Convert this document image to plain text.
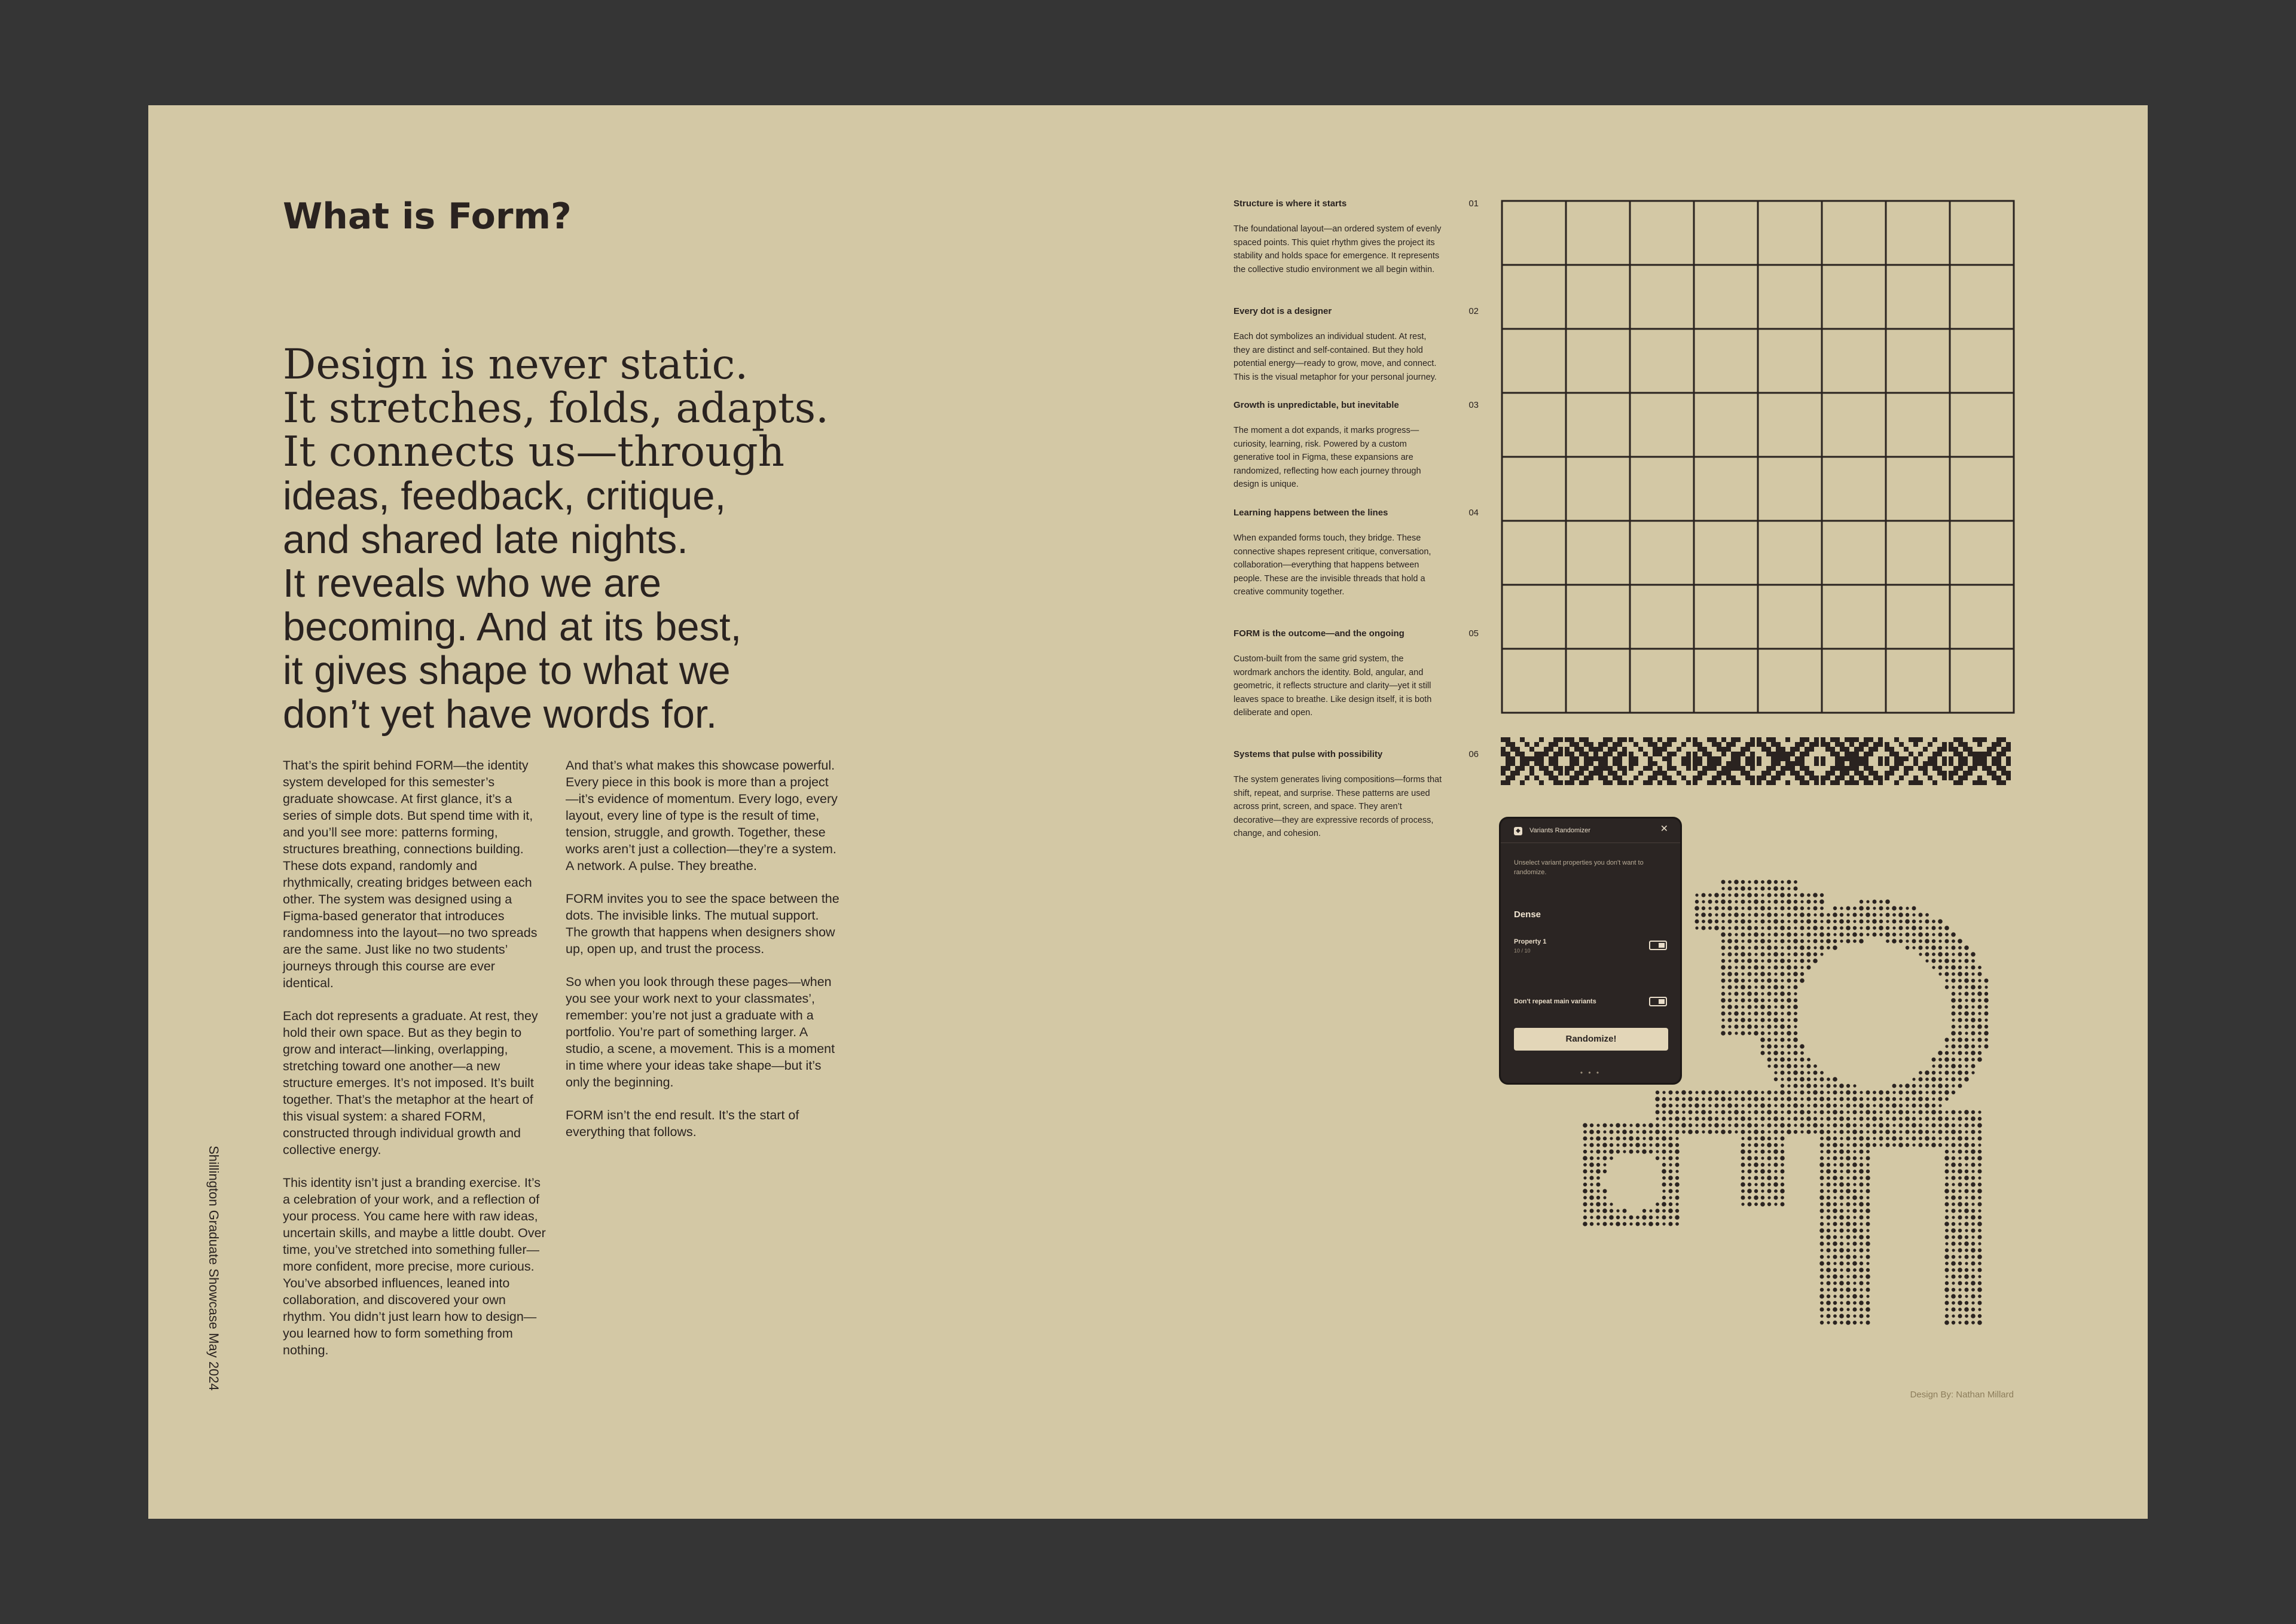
What is Form?
Design is never static.
It stretches, folds, adapts.
It connects us—through
ideas, feedback, critique,
and shared late nights.
It reveals who we are
becoming. And at its best,
it gives shape to what we
don’t yet have words for.

That’s the spirit behind FORM—the identity system developed for this semester’s graduate showcase. At first glance, it’s a series of simple dots. But spend time with it, and you’ll see more: patterns forming, structures breathing, connections building. These dots expand, randomly and rhythmically, creating bridges between each other. The system was designed using a Figma-based generator that introduces randomness into the layout—no two spreads are the same. Just like no two students’ journeys through this course are ever identical.

Each dot represents a graduate. At rest, they hold their own space. But as they begin to grow and interact—linking, overlapping, stretching toward one another—a new structure emerges. It’s not imposed. It’s built together. That’s the metaphor at the heart of this visual system: a shared FORM, constructed through individual growth and collective energy.

This identity isn’t just a branding exercise. It’s a celebration of your work, and a reflection of your process. You came here with raw ideas, uncertain skills, and maybe a little doubt. Over time, you’ve stretched into something fuller—more confident, more precise, more curious. You’ve absorbed influences, leaned into collaboration, and discovered your own rhythm. You didn’t just learn how to design—you learned how to form something from nothing.

And that’s what makes this showcase powerful. Every piece in this book is more than a project—it’s evidence of momentum. Every logo, every layout, every line of type is the result of time, tension, struggle, and growth. Together, these works aren’t just a collection—they’re a system. A network. A pulse. They breathe.

FORM invites you to see the space between the dots. The invisible links. The mutual support. The growth that happens when designers show up, open up, and trust the process.

So when you look through these pages—when you see your work next to your classmates’, remember: you’re not just a graduate with a portfolio. You’re part of something larger. A studio, a scene, a movement. This is a moment in time where your ideas take shape—but it’s only the beginning.

FORM isn’t the end result. It’s the start of everything that follows.

Shillington Graduate Showcase May 2024
Structure is where it starts	01

The foundational layout—an ordered system of evenly spaced points. This quiet rhythm gives the project its stability and holds space for emergence. It represents the collective studio environment we all begin within.

Every dot is a designer	02

Each dot symbolizes an individual student. At rest, they are distinct and self-contained. But they hold potential energy—ready to grow, move, and connect. This is the visual metaphor for your personal journey.

Growth is unpredictable, but inevitable	03

The moment a dot expands, it marks progress—curiosity, learning, risk. Powered by a custom generative tool in Figma, these expansions are randomized, reflecting how each journey through design is unique.

Learning happens between the lines	04

When expanded forms touch, they bridge. These connective shapes represent critique, conversation, collaboration—everything that happens between people. These are the invisible threads that hold a creative community together.

FORM is the outcome—and the ongoing	05

Custom-built from the same grid system, the wordmark anchors the identity. Bold, angular, and geometric, it reflects structure and clarity—yet it still leaves space to breathe. Like design itself, it is both deliberate and open.

Systems that pulse with possibility	06

The system generates living compositions—forms that shift, repeat, and surprise. These patterns are used across print, screen, and space. They aren’t decorative—they are expressive records of process, change, and cohesion.	◆ Variants Randomizer	✕
Unselect variant properties you don't want to randomize.
Dense
Property 1
10 / 10
Don't repeat main variants
Randomize!
• • •
Design By: Nathan Millard
